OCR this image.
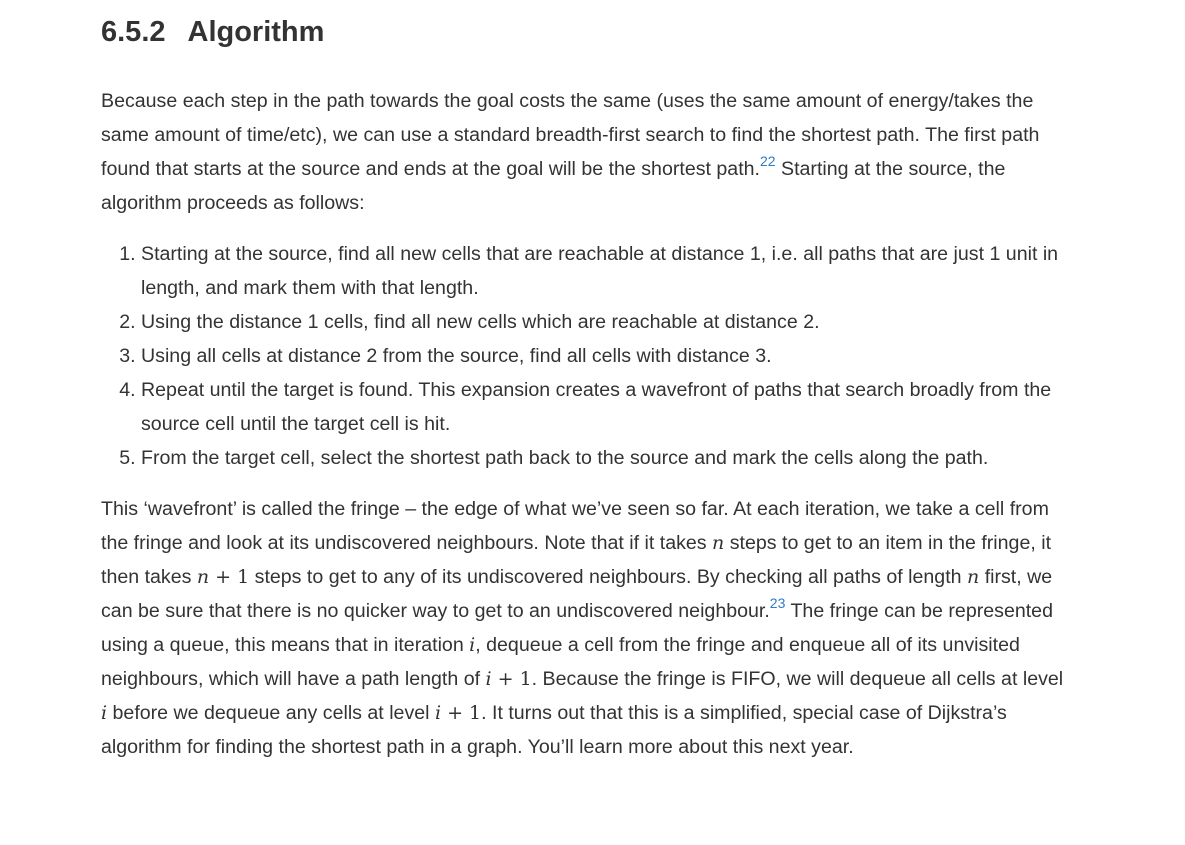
6.5.2 Algorithm

Because each step in the path towards the goal costs the same (uses the same amount of energy/takes the same amount of time/etc), we can use a standard breadth-first search to find the shortest path. The first path found that starts at the source and ends at the goal will be the shortest path.$^{22}$ Starting at the source, the algorithm proceeds as follows:

1. Starting at the source, find all new cells that are reachable at distance 1, i.e. all paths that are just 1 unit in length, and mark them with that length.
2. Using the distance 1 cells, find all new cells which are reachable at distance 2.
3. Using all cells at distance 2 from the source, find all cells with distance 3.
4. Repeat until the target is found. This expansion creates a wavefront of paths that search broadly from the source cell until the target cell is hit.
5. From the target cell, select the shortest path back to the source and mark the cells along the path.

This ‘wavefront’ is called the fringe – the edge of what we’ve seen so far. At each iteration, we take a cell from the fringe and look at its undiscovered neighbours. Note that if it takes n steps to get to an item in the fringe, it then takes n + 1 steps to get to any of its undiscovered neighbours. By checking all paths of length n first, we can be sure that there is no quicker way to get to an undiscovered neighbour.$^{23}$ The fringe can be represented using a queue, this means that in iteration i, dequeue a cell from the fringe and enqueue all of its unvisited neighbours, which will have a path length of i + 1. Because the fringe is FIFO, we will dequeue all cells at level i before we dequeue any cells at level i + 1. It turns out that this is a simplified, special case of Dijkstra’s algorithm for finding the shortest path in a graph. You’ll learn more about this next year.
